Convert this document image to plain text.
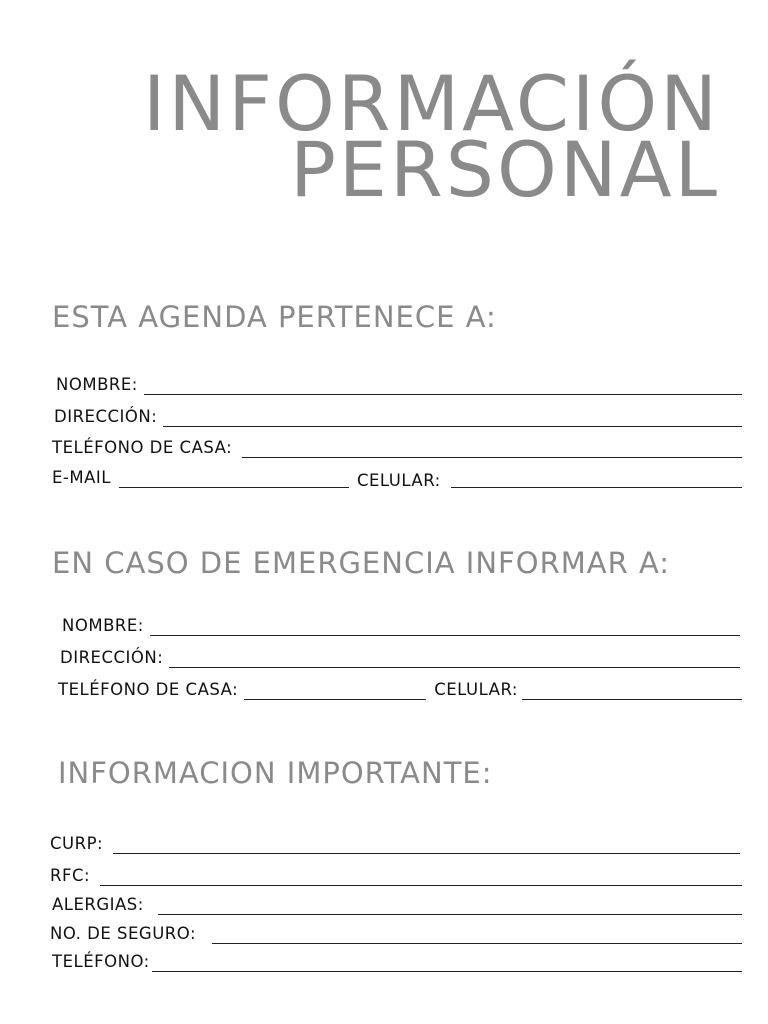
INFORMACIÓN
PERSONAL
ESTA AGENDA PERTENECE A:
NOMBRE:
DIRECCIÓN:
TELÉFONO DE CASA:
E-MAIL	CELULAR:
EN CASO DE EMERGENCIA INFORMAR A:
NOMBRE:
DIRECCIÓN:
TELÉFONO DE CASA:	CELULAR:
INFORMACION IMPORTANTE:
CURP:
RFC:
ALERGIAS:
NO. DE SEGURO:
TELÉFONO:
